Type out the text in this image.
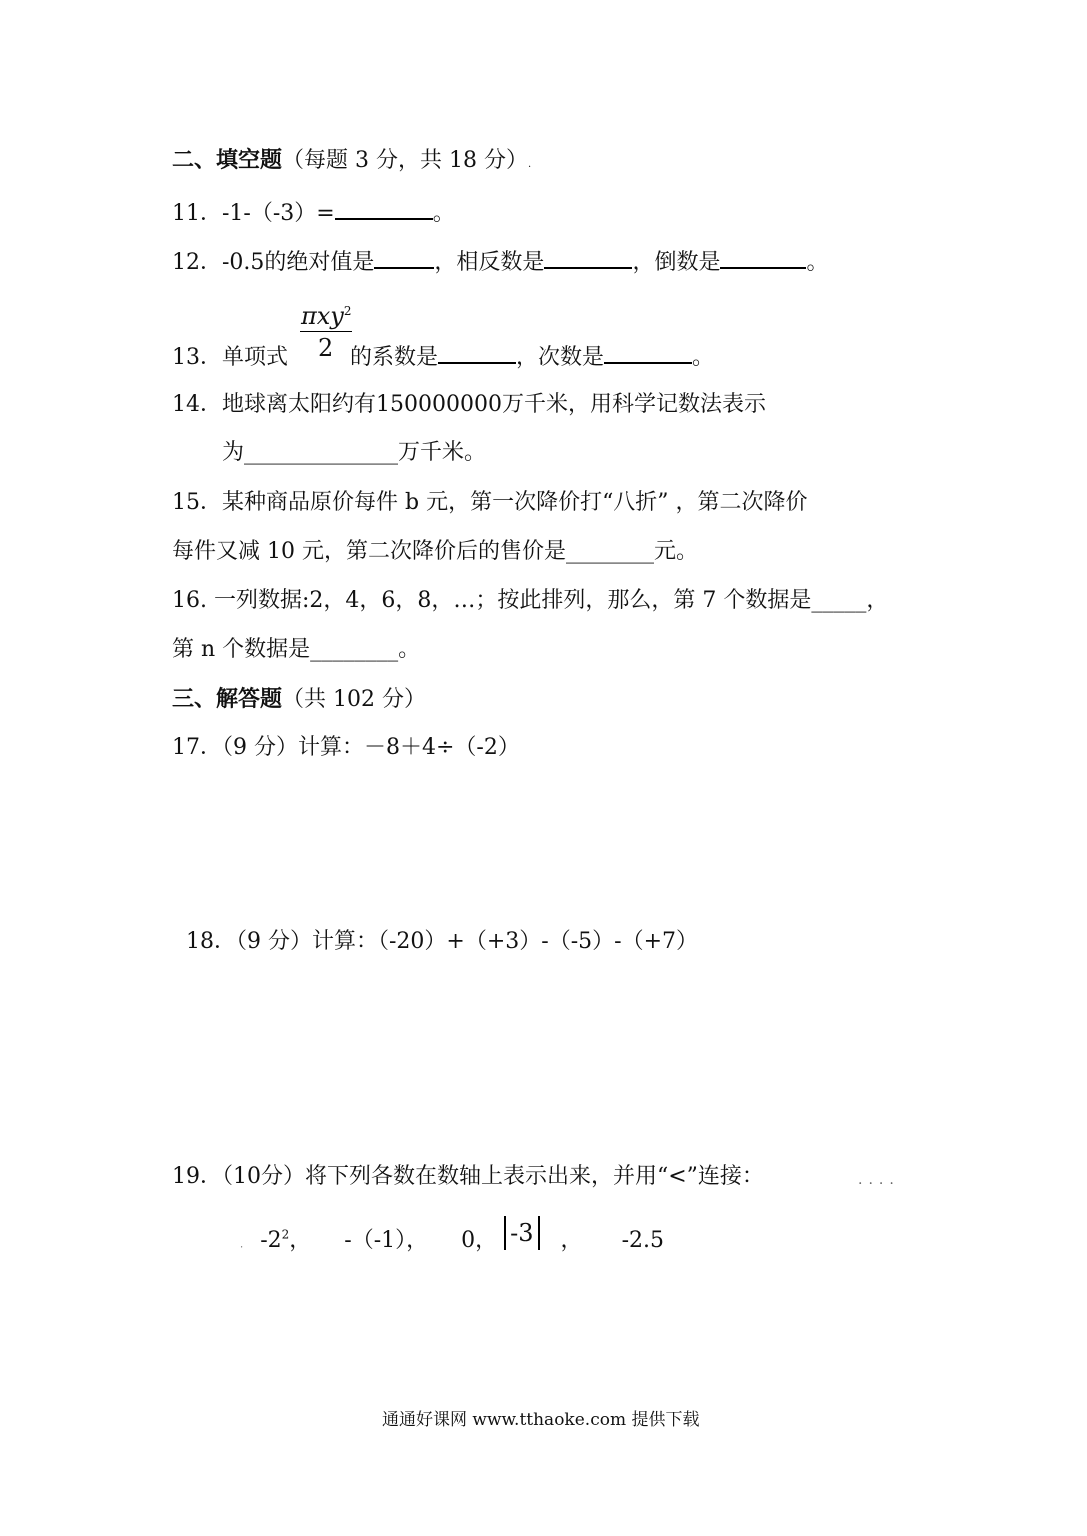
二、填空题（每题 3 分，共 18 分）.
11．-1-（-3）=	。
12．-0.5的绝对值是	，相反数是	，倒数是	。
πxy$^2$
2
13．单项式	的系数是	，次数是	。
14．地球离太阳约有150000000万千米，用科学记数法表示
为______________万千米。
15．某种商品原价每件 b 元，第一次降价打“八折” ，第二次降价
每件又减 10 元，第二次降价后的售价是________元。
16. 一列数据:2，4，6，8，…；按此排列，那么，第 7 个数据是_____，
第 n 个数据是________。
三、解答题（共 102 分）
17．（9 分）计算：－8＋4÷（-2）
18．（9 分）计算：（-20）+（+3）-（-5）-（+7）
19．（10分）将下列各数在数轴上表示出来，并用“<”连接：	....
. $-2^2$， -（-1）， 0， -3 ， -2.5
通通好课网 www.tthaoke.com 提供下载
